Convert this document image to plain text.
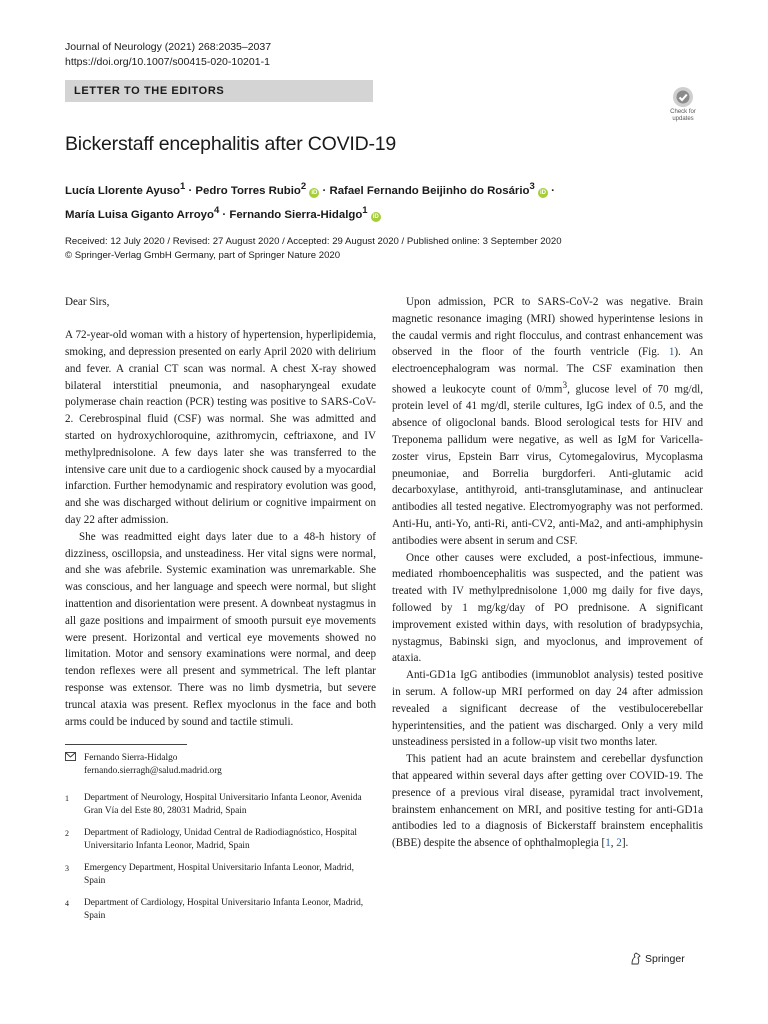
Journal of Neurology (2021) 268:2035–2037
https://doi.org/10.1007/s00415-020-10201-1
LETTER TO THE EDITORS
Check for
updates
Bickerstaff encephalitis after COVID-19
Lucía Llorente Ayuso$^1$ · Pedro Torres Rubio$^2$ iD · Rafael Fernando Beijinho do Rosário$^3$ iD ·
María Luisa Giganto Arroyo$^4$ · Fernando Sierra-Hidalgo$^1$ iD
Received: 12 July 2020 / Revised: 27 August 2020 / Accepted: 29 August 2020 / Published online: 3 September 2020
© Springer-Verlag GmbH Germany, part of Springer Nature 2020

Dear Sirs,

A 72-year-old woman with a history of hypertension, hyperlipidemia, smoking, and depression presented on early April 2020 with delirium and fever. A cranial CT scan was normal. A chest X-ray showed bilateral interstitial pneumonia, and nasopharyngeal exudate polymerase chain reaction (PCR) testing was positive to SARS-CoV-2. Cerebrospinal fluid (CSF) was normal. She was admitted and started on hydroxychloroquine, azithromycin, ceftriaxone, and IV methylprednisolone. A few days later she was transferred to the intensive care unit due to a cardiogenic shock caused by a myocardial infarction. Further hemodynamic and respiratory evolution was good, and she was discharged without delirium or cognitive impairment on day 22 after admission.

She was readmitted eight days later due to a 48-h history of dizziness, oscillopsia, and unsteadiness. Her vital signs were normal, and she was afebrile. Systemic examination was unremarkable. She was conscious, and her language and speech were normal, but slight inattention and disorientation were present. A downbeat nystagmus in all gaze positions and impairment of smooth pursuit eye movements were present. Horizontal and vertical eye movements showed no limitation. Motor and sensory examinations were normal, and deep tendon reflexes were all present and symmetrical. The left plantar response was extensor. There was no limb dysmetria, but severe truncal ataxia was present. Reflex myoclonus in the face and both arms could be induced by sound and tactile stimuli.

Upon admission, PCR to SARS-CoV-2 was negative. Brain magnetic resonance imaging (MRI) showed hyperintense lesions in the caudal vermis and right flocculus, and contrast enhancement was observed in the floor of the fourth ventricle (Fig. 1). An electroencephalogram was normal. The CSF examination then showed a leukocyte count of $0/mm^3$, glucose level of 70 mg/dl, protein level of 41 mg/dl, sterile cultures, IgG index of 0.5, and the absence of oligoclonal bands. Blood serological tests for HIV and Treponema pallidum were negative, as well as IgM for Varicella-zoster virus, Epstein Barr virus, Cytomegalovirus, Mycoplasma pneumoniae, and Borrelia burgdorferi. Anti-glutamic acid decarboxylase, antithyroid, anti-transglutaminase, and antinuclear antibodies all tested negative. Electromyography was not performed. Anti-Hu, anti-Yo, anti-Ri, anti-CV2, anti-Ma2, and anti-amphiphysin antibodies were absent in serum and CSF.

Once other causes were excluded, a post-infectious, immune-mediated rhomboencephalitis was suspected, and the patient was treated with IV methylprednisolone 1,000 mg daily for five days, followed by 1 mg/kg/day of PO prednisone. A significant improvement existed within days, with resolution of bradypsychia, nystagmus, Babinski sign, and myoclonus, and improvement of ataxia.

Anti-GD1a IgG antibodies (immunoblot analysis) tested positive in serum. A follow-up MRI performed on day 24 after admission revealed a significant decrease of the vestibulocerebellar hyperintensities, and the patient was discharged. Only a very mild unsteadiness persisted in a follow-up visit two months later.

This patient had an acute brainstem and cerebellar dysfunction that appeared within several days after getting over COVID-19. The presence of a previous viral disease, pyramidal tract involvement, brainstem enhancement on MRI, and positive testing for anti-GD1a antibodies led to a diagnosis of Bickerstaff brainstem encephalitis (BBE) despite the absence of ophthalmoplegia [1, 2].

Fernando Sierra-Hidalgo
fernando.sierragh@salud.madrid.org
1 Department of Neurology, Hospital Universitario Infanta Leonor, Avenida Gran Vía del Este 80, 28031 Madrid, Spain
2 Department of Radiology, Unidad Central de Radiodiagnóstico, Hospital Universitario Infanta Leonor, Madrid, Spain
3 Emergency Department, Hospital Universitario Infanta Leonor, Madrid, Spain
4 Department of Cardiology, Hospital Universitario Infanta Leonor, Madrid, Spain
Springer
